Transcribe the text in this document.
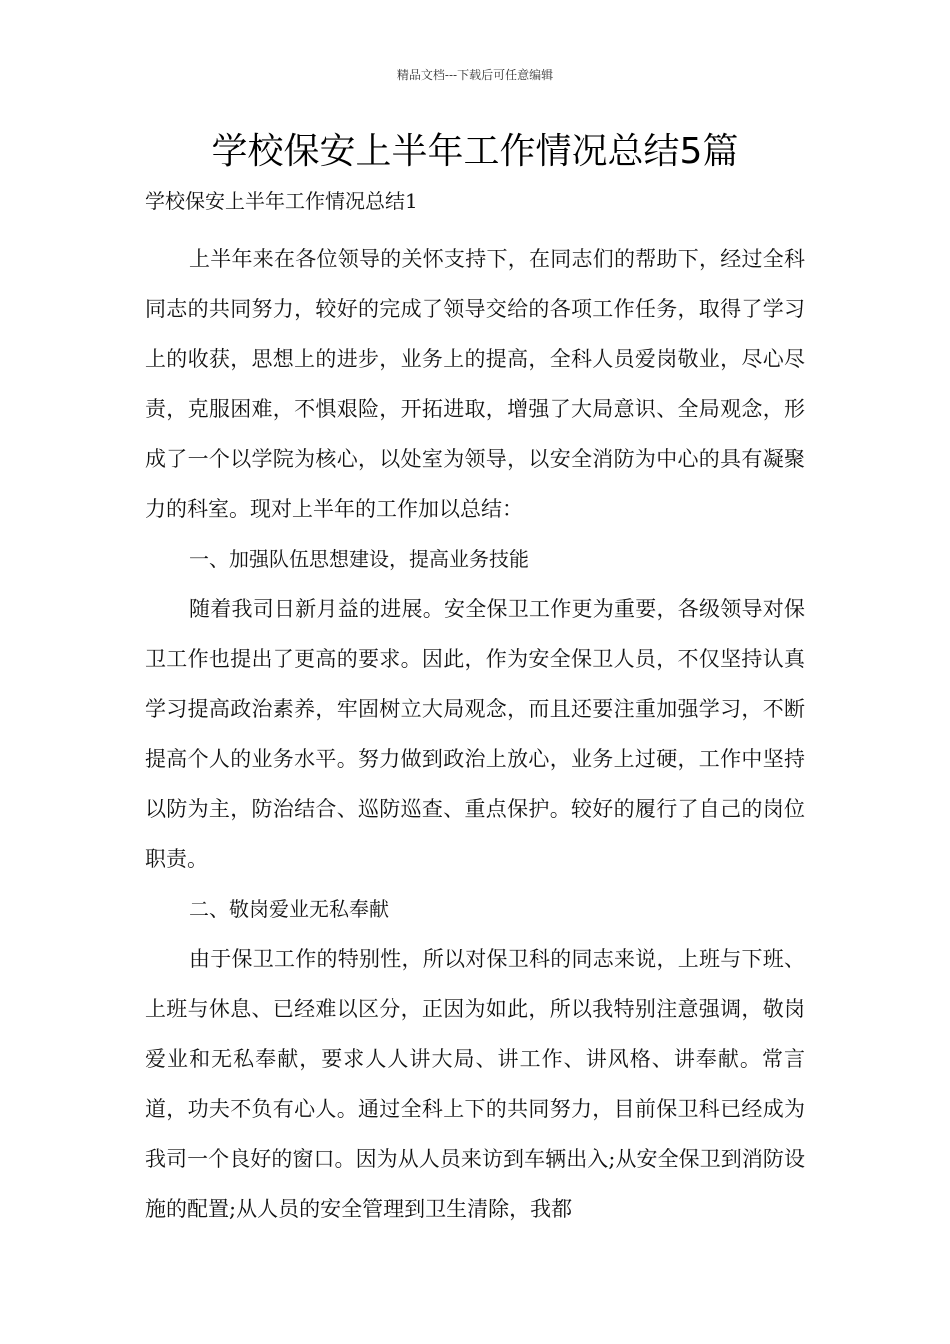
精品文档---下载后可任意编辑
学校保安上半年工作情况总结5篇
学校保安上半年工作情况总结1

上半年来在各位领导的关怀支持下，在同志们的帮助下，经过全科同志的共同努力，较好的完成了领导交给的各项工作任务，取得了学习上的收获，思想上的进步，业务上的提高，全科人员爱岗敬业，尽心尽责，克服困难，不惧艰险，开拓进取，增强了大局意识、全局观念，形成了一个以学院为核心，以处室为领导，以安全消防为中心的具有凝聚力的科室。现对上半年的工作加以总结：

一、加强队伍思想建设，提高业务技能

随着我司日新月益的进展。安全保卫工作更为重要，各级领导对保卫工作也提出了更高的要求。因此，作为安全保卫人员，不仅坚持认真学习提高政治素养，牢固树立大局观念，而且还要注重加强学习，不断提高个人的业务水平。努力做到政治上放心，业务上过硬，工作中坚持以防为主，防治结合、巡防巡查、重点保护。较好的履行了自己的岗位职责。

二、敬岗爱业无私奉献

由于保卫工作的特别性，所以对保卫科的同志来说，上班与下班、上班与休息、已经难以区分，正因为如此，所以我特别注意强调，敬岗爱业和无私奉献，要求人人讲大局、讲工作、讲风格、讲奉献。常言道，功夫不负有心人。通过全科上下的共同努力，目前保卫科已经成为我司一个良好的窗口。因为从人员来访到车辆出入;从安全保卫到消防设施的配置;从人员的安全管理到卫生清除，我都
